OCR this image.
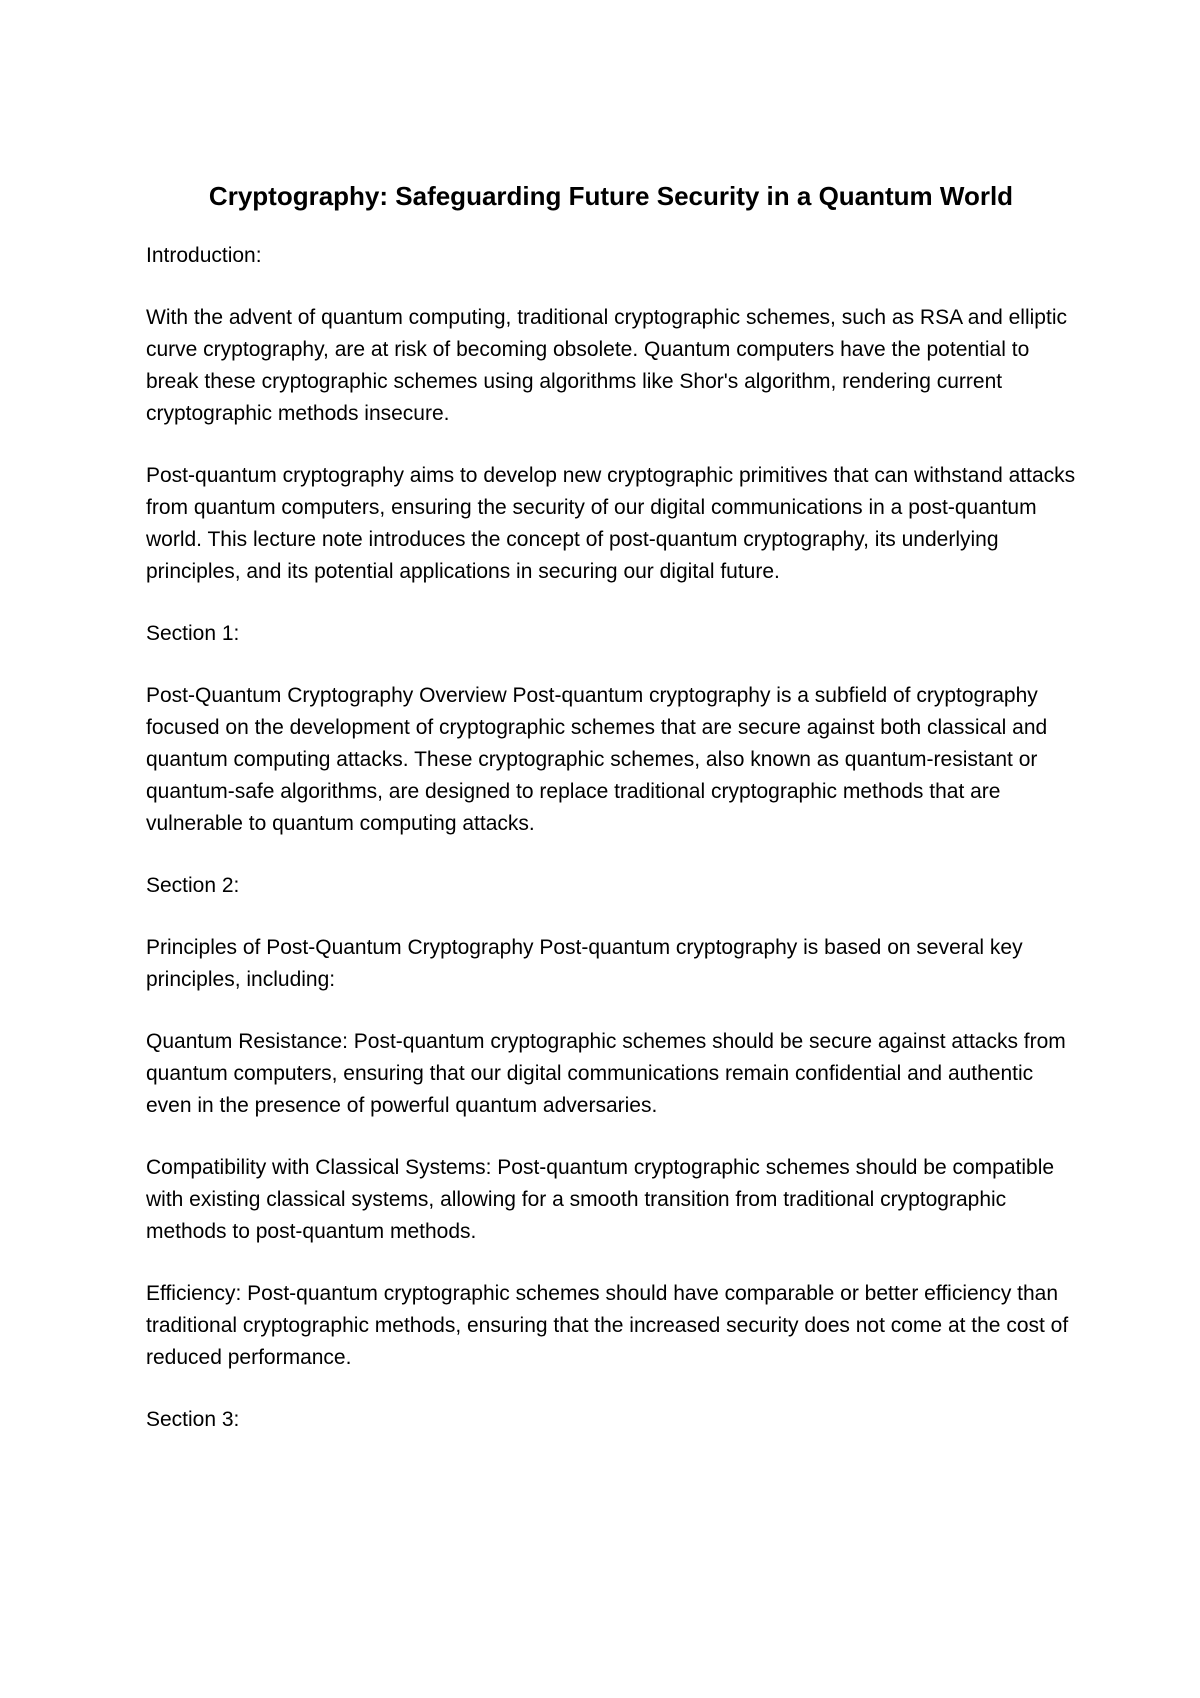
Cryptography: Safeguarding Future Security in a Quantum World
Introduction:
With the advent of quantum computing, traditional cryptographic schemes, such as RSA and elliptic curve cryptography, are at risk of becoming obsolete. Quantum computers have the potential to break these cryptographic schemes using algorithms like Shor's algorithm, rendering current cryptographic methods insecure.
Post-quantum cryptography aims to develop new cryptographic primitives that can withstand attacks from quantum computers, ensuring the security of our digital communications in a post-quantum world. This lecture note introduces the concept of post-quantum cryptography, its underlying principles, and its potential applications in securing our digital future.
Section 1:
Post-Quantum Cryptography Overview Post-quantum cryptography is a subfield of cryptography focused on the development of cryptographic schemes that are secure against both classical and quantum computing attacks. These cryptographic schemes, also known as quantum-resistant or quantum-safe algorithms, are designed to replace traditional cryptographic methods that are vulnerable to quantum computing attacks.
Section 2:
Principles of Post-Quantum Cryptography Post-quantum cryptography is based on several key principles, including:
Quantum Resistance: Post-quantum cryptographic schemes should be secure against attacks from quantum computers, ensuring that our digital communications remain confidential and authentic even in the presence of powerful quantum adversaries.
Compatibility with Classical Systems: Post-quantum cryptographic schemes should be compatible with existing classical systems, allowing for a smooth transition from traditional cryptographic methods to post-quantum methods.
Efficiency: Post-quantum cryptographic schemes should have comparable or better efficiency than traditional cryptographic methods, ensuring that the increased security does not come at the cost of reduced performance.
Section 3:
